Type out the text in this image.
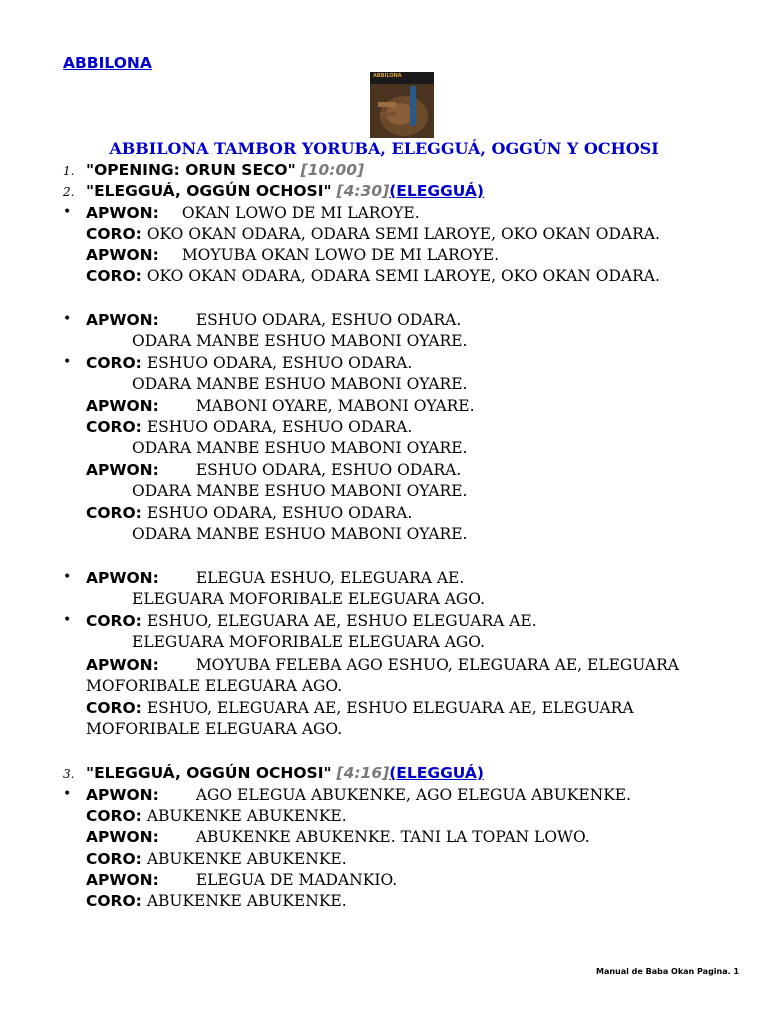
ABBILONA
ABBILONA
ABBILONA TAMBOR YORUBA, ELEGGUÁ, OGGÚN Y OCHOSI
1. "OPENING: ORUN SECO" [10:00]
2. "ELEGGUÁ, OGGÚN OCHOSI" [4:30](ELEGGUÁ)
• APWON: OKAN LOWO DE MI LAROYE.
CORO: OKO OKAN ODARA, ODARA SEMI LAROYE, OKO OKAN ODARA.
APWON: MOYUBA OKAN LOWO DE MI LAROYE.
CORO: OKO OKAN ODARA, ODARA SEMI LAROYE, OKO OKAN ODARA.
• APWON: ESHUO ODARA, ESHUO ODARA.
ODARA MANBE ESHUO MABONI OYARE.
• CORO: ESHUO ODARA, ESHUO ODARA.
ODARA MANBE ESHUO MABONI OYARE.
APWON: MABONI OYARE, MABONI OYARE.
CORO: ESHUO ODARA, ESHUO ODARA.
ODARA MANBE ESHUO MABONI OYARE.
APWON: ESHUO ODARA, ESHUO ODARA.
ODARA MANBE ESHUO MABONI OYARE.
CORO: ESHUO ODARA, ESHUO ODARA.
ODARA MANBE ESHUO MABONI OYARE.
• APWON: ELEGUA ESHUO, ELEGUARA AE.
ELEGUARA MOFORIBALE ELEGUARA AGO.
• CORO: ESHUO, ELEGUARA AE, ESHUO ELEGUARA AE.
ELEGUARA MOFORIBALE ELEGUARA AGO.
APWON: MOYUBA FELEBA AGO ESHUO, ELEGUARA AE, ELEGUARA
MOFORIBALE ELEGUARA AGO.
CORO: ESHUO, ELEGUARA AE, ESHUO ELEGUARA AE, ELEGUARA
MOFORIBALE ELEGUARA AGO.
3. "ELEGGUÁ, OGGÚN OCHOSI" [4:16](ELEGGUÁ)
• APWON: AGO ELEGUA ABUKENKE, AGO ELEGUA ABUKENKE.
CORO: ABUKENKE ABUKENKE.
APWON: ABUKENKE ABUKENKE. TANI LA TOPAN LOWO.
CORO: ABUKENKE ABUKENKE.
APWON: ELEGUA DE MADANKIO.
CORO: ABUKENKE ABUKENKE.
Manual de Baba Okan Pagina. 1
